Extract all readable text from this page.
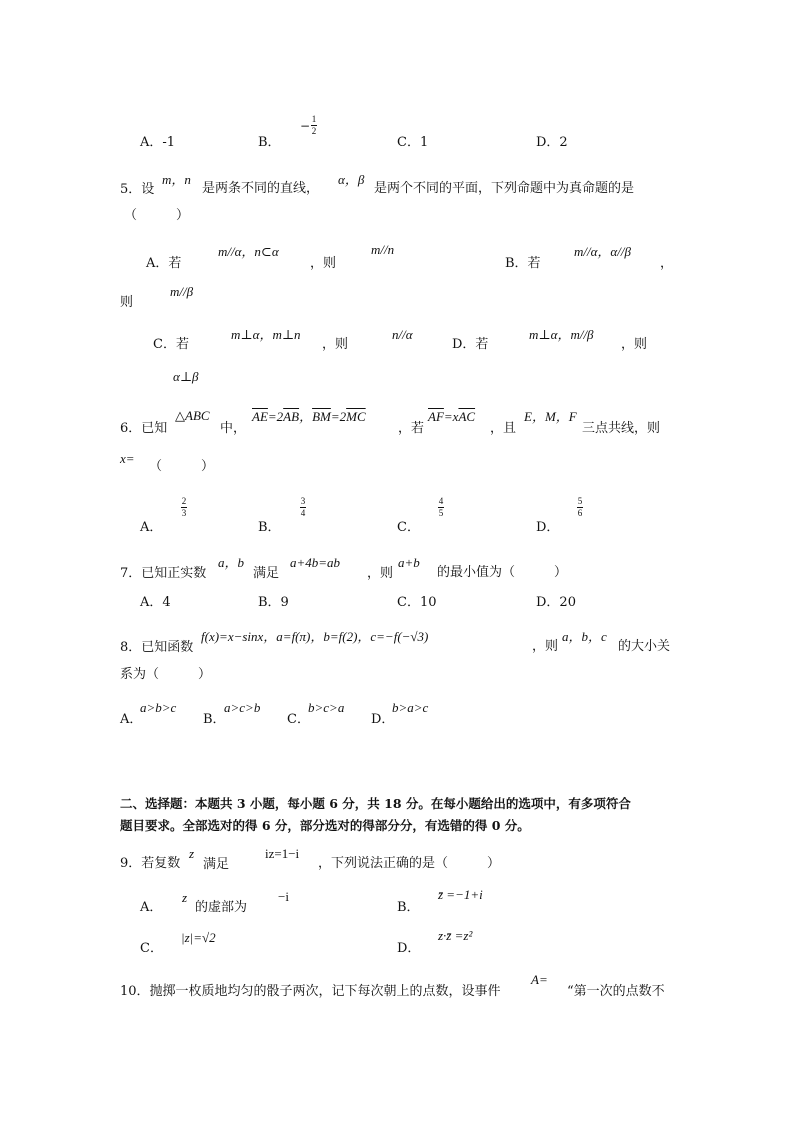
A．-1	B．
− 1
2
C．1	D．2
5．设
m，n
是两条不同的直线，
α，β
是两个不同的平面，下列命题中为真命题的是
（　　　）
A．若
m//α，n⊂α
，则
m//n
B．若
m//α，α//β
，
则
m//β
C．若
m⊥α，m⊥n
，则
n//α
D．若
m⊥α，m//β
，则
α⊥β
6．已知
△ABC
中，
$\overline{AE}=2\overline{AB}$，$\overline{BM}=2\overline{MC}$
，若
$\overline{AF}=x\overline{AC}$
，且
E，M，F
三点共线，则
x=
（　　　）
A．
2
3
B．
3
4
C．
4
5
D．
5
6
7．已知正实数
a，b
满足
a+4b=ab
，则
a+b
的最小值为（　　　）
A．4	B．9	C．10	D．20
8．已知函数
f(x)=x−sinx，a=f(π)，b=f(2)，c=−f(−√3)
，则
a，b，c
的大小关
系为（　　　）
A．
a>b>c
B．
a>c>b
C．
b>c>a
D．
b>a>c
二、选择题：本题共 3 小题，每小题 6 分，共 18 分。在每小题给出的选项中，有多项符合
题目要求。全部选对的得 6 分，部分选对的得部分分，有选错的得 0 分。
9．若复数
z
满足
iz=1−i
，下列说法正确的是（　　　）
A．
z
的虚部为
−i
B．
z̄ =−1+i
C．
|z|=√2
D．
z·z̄ =z²
10．抛掷一枚质地均匀的骰子两次，记下每次朝上的点数，设事件
A=
“第一次的点数不
